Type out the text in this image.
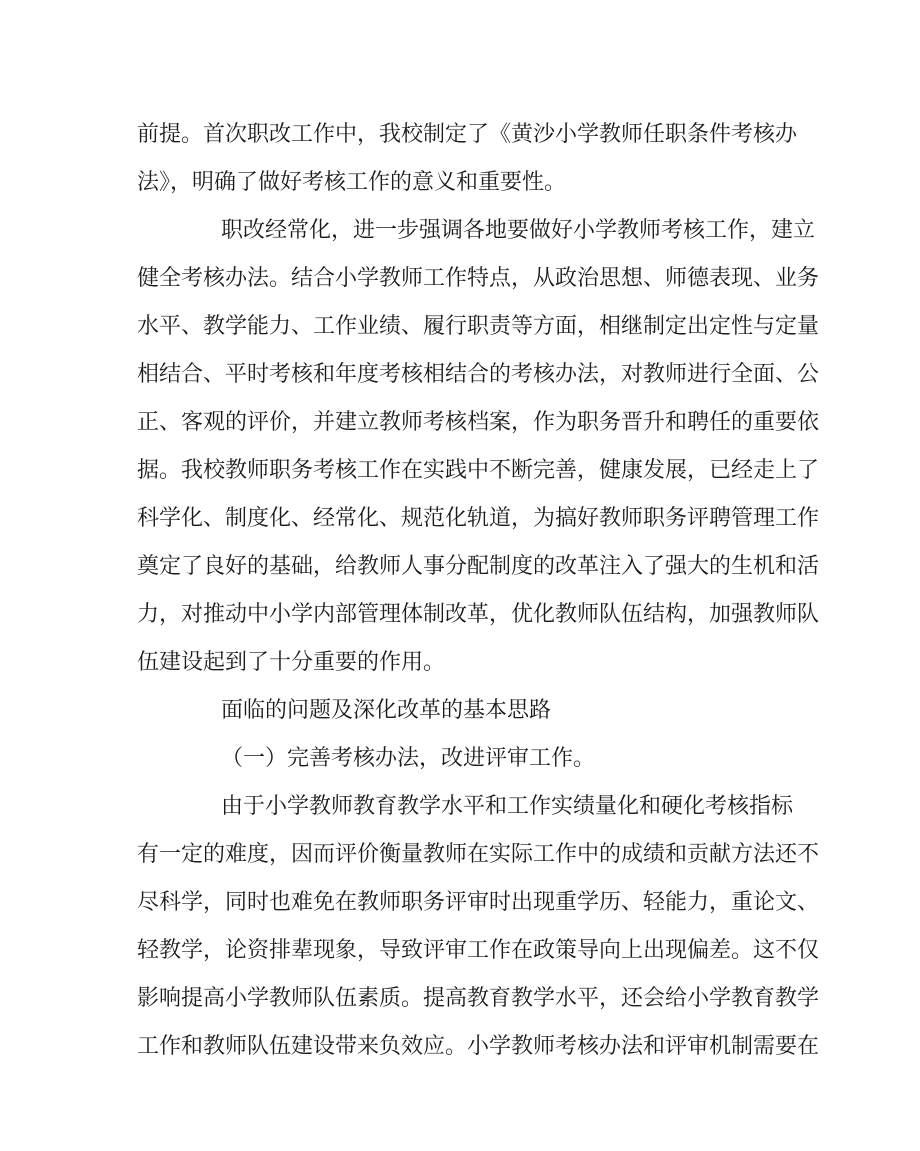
前提。首次职改工作中，我校制定了《黄沙小学教师任职条件考核办
法》，明确了做好考核工作的意义和重要性。
职改经常化，进一步强调各地要做好小学教师考核工作，建立
健全考核办法。结合小学教师工作特点，从政治思想、师德表现、业务
水平、教学能力、工作业绩、履行职责等方面，相继制定出定性与定量
相结合、平时考核和年度考核相结合的考核办法，对教师进行全面、公
正、客观的评价，并建立教师考核档案，作为职务晋升和聘任的重要依
据。我校教师职务考核工作在实践中不断完善，健康发展，已经走上了
科学化、制度化、经常化、规范化轨道，为搞好教师职务评聘管理工作
奠定了良好的基础，给教师人事分配制度的改革注入了强大的生机和活
力，对推动中小学内部管理体制改革，优化教师队伍结构，加强教师队
伍建设起到了十分重要的作用。
面临的问题及深化改革的基本思路
（一）完善考核办法，改进评审工作。
由于小学教师教育教学水平和工作实绩量化和硬化考核指标
有一定的难度，因而评价衡量教师在实际工作中的成绩和贡献方法还不
尽科学，同时也难免在教师职务评审时出现重学历、轻能力，重论文、
轻教学，论资排辈现象，导致评审工作在政策导向上出现偏差。这不仅
影响提高小学教师队伍素质。提高教育教学水平，还会给小学教育教学
工作和教师队伍建设带来负效应。小学教师考核办法和评审机制需要在
